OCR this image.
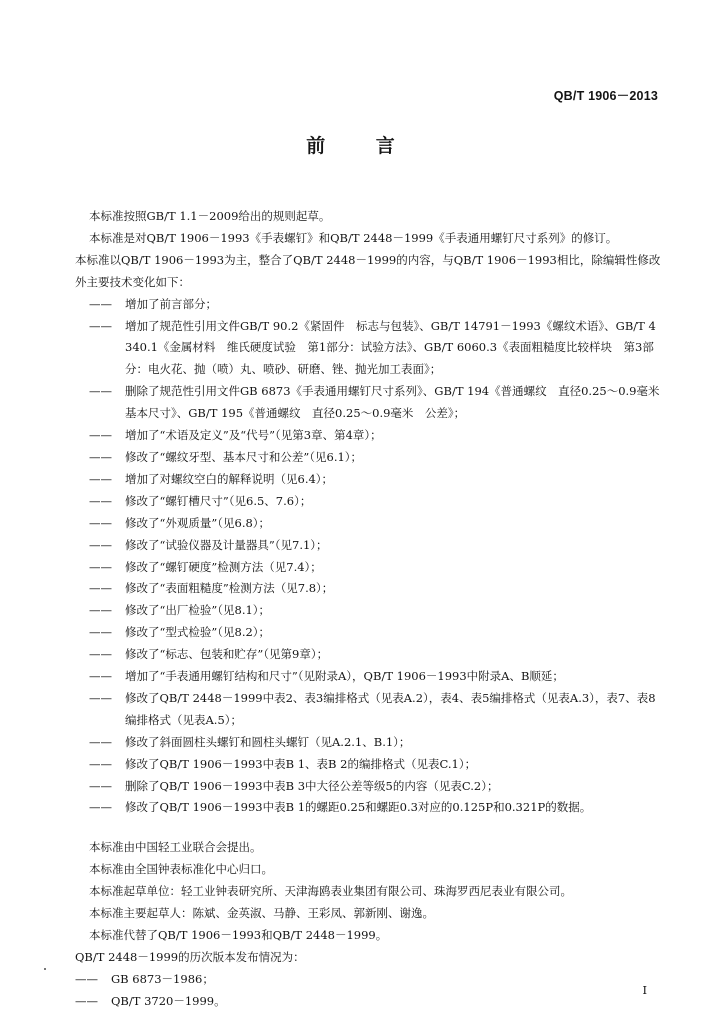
QB/T 1906－2013
前 言

本标准按照GB/T 1.1－2009给出的规则起草。

本标准是对QB/T 1906－1993《手表螺钉》和QB/T 2448－1999《手表通用螺钉尺寸系列》的修订。

本标准以QB/T 1906－1993为主，整合了QB/T 2448－1999的内容，与QB/T 1906－1993相比，除编辑性修改外主要技术变化如下：

—— 增加了前言部分；
—— 增加了规范性引用文件GB/T 90.2《紧固件　标志与包装》、GB/T 14791－1993《螺纹术语》、GB/T 4340.1《金属材料　维氏硬度试验　第1部分：试验方法》、GB/T 6060.3《表面粗糙度比较样块　第3部分：电火花、抛（喷）丸、喷砂、研磨、锉、抛光加工表面》；
—— 删除了规范性引用文件GB 6873《手表通用螺钉尺寸系列》、GB/T 194《普通螺纹　直径0.25～0.9毫米　基本尺寸》、GB/T 195《普通螺纹　直径0.25～0.9毫米　公差》；
—— 增加了“术语及定义”及“代号”（见第3章、第4章）；
—— 修改了“螺纹牙型、基本尺寸和公差”（见6.1）；
—— 增加了对螺纹空白的解释说明（见6.4）；
—— 修改了“螺钉槽尺寸”（见6.5、7.6）；
—— 修改了“外观质量”（见6.8）；
—— 修改了“试验仪器及计量器具”（见7.1）；
—— 修改了“螺钉硬度”检测方法（见7.4）；
—— 修改了“表面粗糙度”检测方法（见7.8）；
—— 修改了“出厂检验”（见8.1）；
—— 修改了“型式检验”（见8.2）；
—— 修改了“标志、包装和贮存”（见第9章）；
—— 增加了“手表通用螺钉结构和尺寸”（见附录A），QB/T 1906－1993中附录A、B顺延；
—— 修改了QB/T 2448－1999中表2、表3编排格式（见表A.2），表4、表5编排格式（见表A.3），表7、表8编排格式（见表A.5）；
—— 修改了斜面圆柱头螺钉和圆柱头螺钉（见A.2.1、B.1）；
—— 修改了QB/T 1906－1993中表B 1、表B 2的编排格式（见表C.1）；
—— 删除了QB/T 1906－1993中表B 3中大径公差等级5的内容（见表C.2）；
—— 修改了QB/T 1906－1993中表B 1的螺距0.25和螺距0.3对应的0.125P和0.321P的数据。

本标准由中国轻工业联合会提出。

本标准由全国钟表标准化中心归口。

本标准起草单位：轻工业钟表研究所、天津海鸥表业集团有限公司、珠海罗西尼表业有限公司。

本标准主要起草人：陈斌、金英淑、马静、王彩凤、郭新刚、谢逸。

本标准代替了QB/T 1906－1993和QB/T 2448－1999。

QB/T 2448－1999的历次版本发布情况为：

—— GB 6873－1986；
—— QB/T 3720－1999。
I
